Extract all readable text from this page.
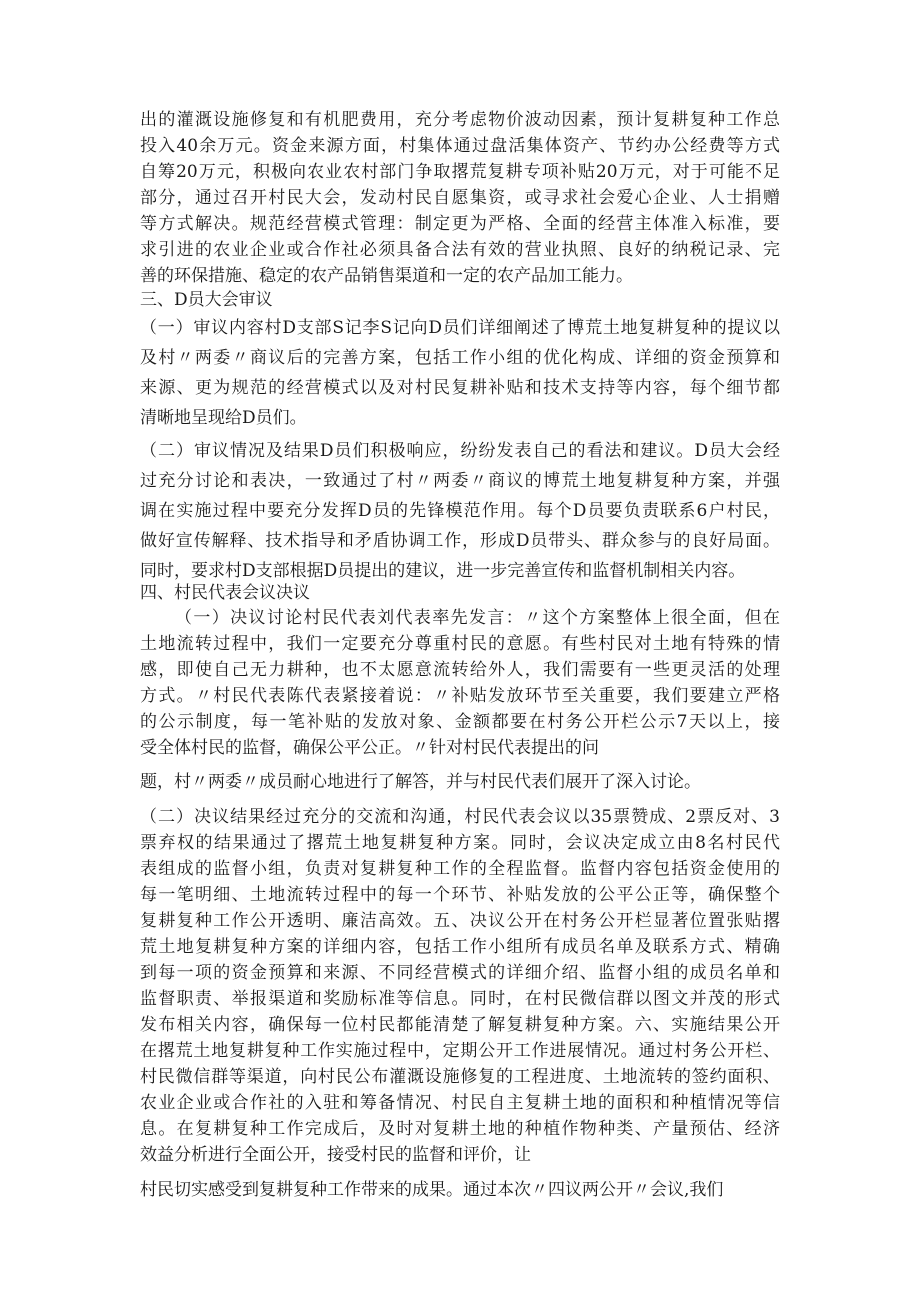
出的灌溉设施修复和有机肥费用，充分考虑物价波动因素，预计复耕复种工作总
投入40余万元。资金来源方面，村集体通过盘活集体资产、节约办公经费等方式
自筹20万元，积极向农业农村部门争取撂荒复耕专项补贴20万元，对于可能不足
部分，通过召开村民大会，发动村民自愿集资，或寻求社会爱心企业、人士捐赠
等方式解决。规范经营模式管理：制定更为严格、全面的经营主体准入标准，要
求引进的农业企业或合作社必须具备合法有效的营业执照、良好的纳税记录、完
善的环保措施、稳定的农产品销售渠道和一定的农产品加工能力。
三、D员大会审议
（一）审议内容村D支部S记李S记向D员们详细阐述了博荒土地复耕复种的提议以
及村〃两委〃商议后的完善方案，包括工作小组的优化构成、详细的资金预算和
来源、更为规范的经营模式以及对村民复耕补贴和技术支持等内容，每个细节都
清晰地呈现给D员们。
（二）审议情况及结果D员们积极响应，纷纷发表自己的看法和建议。D员大会经
过充分讨论和表决，一致通过了村〃两委〃商议的博荒土地复耕复种方案，并强
调在实施过程中要充分发挥D员的先锋模范作用。每个D员要负责联系6户村民，
做好宣传解释、技术指导和矛盾协调工作，形成D员带头、群众参与的良好局面。
同时，要求村D支部根据D员提出的建议，进一步完善宣传和监督机制相关内容。
四、村民代表会议决议
（一）决议讨论村民代表刘代表率先发言：〃这个方案整体上很全面，但在
土地流转过程中，我们一定要充分尊重村民的意愿。有些村民对土地有特殊的情
感，即使自己无力耕种，也不太愿意流转给外人，我们需要有一些更灵活的处理
方式。〃村民代表陈代表紧接着说：〃补贴发放环节至关重要，我们要建立严格
的公示制度，每一笔补贴的发放对象、金额都要在村务公开栏公示7天以上，接
受全体村民的监督，确保公平公正。〃针对村民代表提出的问
题，村〃两委〃成员耐心地进行了解答，并与村民代表们展开了深入讨论。
（二）决议结果经过充分的交流和沟通，村民代表会议以35票赞成、2票反对、3
票弃权的结果通过了撂荒土地复耕复种方案。同时，会议决定成立由8名村民代
表组成的监督小组，负责对复耕复种工作的全程监督。监督内容包括资金使用的
每一笔明细、土地流转过程中的每一个环节、补贴发放的公平公正等，确保整个
复耕复种工作公开透明、廉洁高效。五、决议公开在村务公开栏显著位置张贴撂
荒土地复耕复种方案的详细内容，包括工作小组所有成员名单及联系方式、精确
到每一项的资金预算和来源、不同经营模式的详细介绍、监督小组的成员名单和
监督职责、举报渠道和奖励标准等信息。同时，在村民微信群以图文并茂的形式
发布相关内容，确保每一位村民都能清楚了解复耕复种方案。六、实施结果公开
在撂荒土地复耕复种工作实施过程中，定期公开工作进展情况。通过村务公开栏、
村民微信群等渠道，向村民公布灌溉设施修复的工程进度、土地流转的签约面积、
农业企业或合作社的入驻和筹备情况、村民自主复耕土地的面积和种植情况等信
息。在复耕复种工作完成后，及时对复耕土地的种植作物种类、产量预估、经济
效益分析进行全面公开，接受村民的监督和评价，让
村民切实感受到复耕复种工作带来的成果。通过本次〃四议两公开〃会议,我们
